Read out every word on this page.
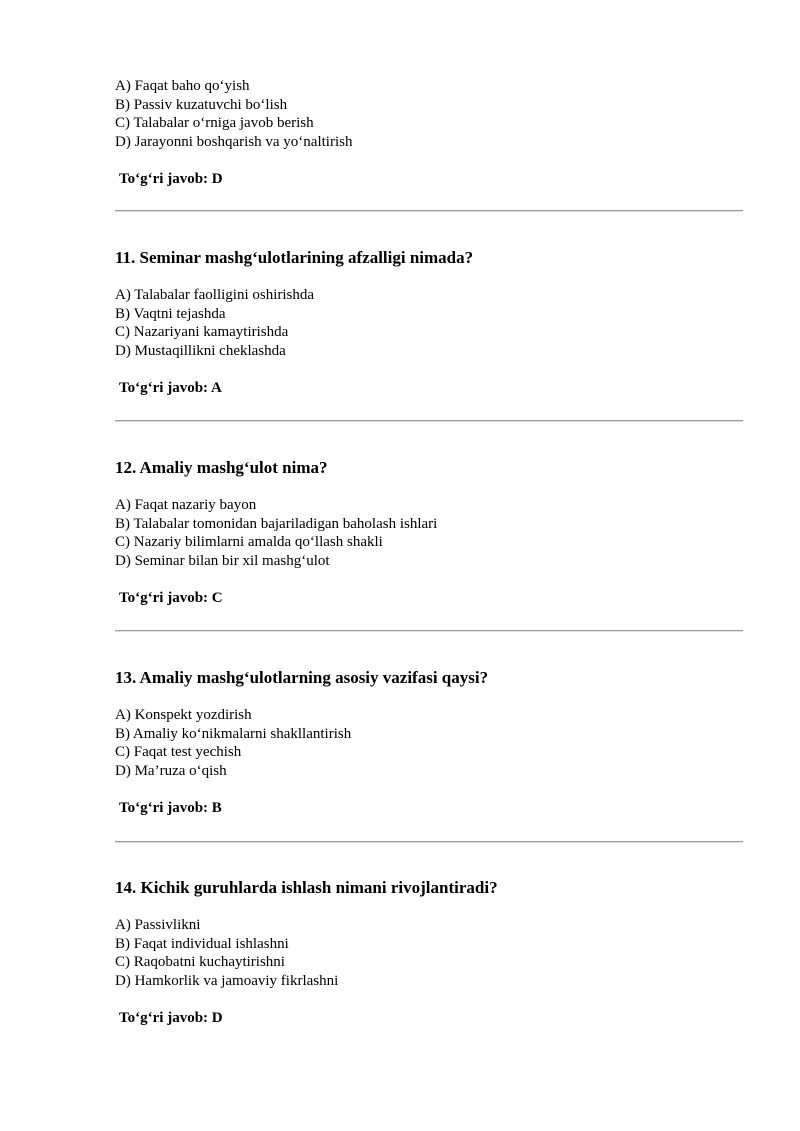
A) Faqat baho qo‘yish
B) Passiv kuzatuvchi bo‘lish
C) Talabalar o‘rniga javob berish
D) Jarayonni boshqarish va yo‘naltirish
To‘g‘ri javob: D
11. Seminar mashg‘ulotlarining afzalligi nimada?
A) Talabalar faolligini oshirishda
B) Vaqtni tejashda
C) Nazariyani kamaytirishda
D) Mustaqillikni cheklashda
To‘g‘ri javob: A
12. Amaliy mashg‘ulot nima?
A) Faqat nazariy bayon
B) Talabalar tomonidan bajariladigan baholash ishlari
C) Nazariy bilimlarni amalda qo‘llash shakli
D) Seminar bilan bir xil mashg‘ulot
To‘g‘ri javob: C
13. Amaliy mashg‘ulotlarning asosiy vazifasi qaysi?
A) Konspekt yozdirish
B) Amaliy ko‘nikmalarni shakllantirish
C) Faqat test yechish
D) Ma’ruza o‘qish
To‘g‘ri javob: B
14. Kichik guruhlarda ishlash nimani rivojlantiradi?
A) Passivlikni
B) Faqat individual ishlashni
C) Raqobatni kuchaytirishni
D) Hamkorlik va jamoaviy fikrlashni
To‘g‘ri javob: D
